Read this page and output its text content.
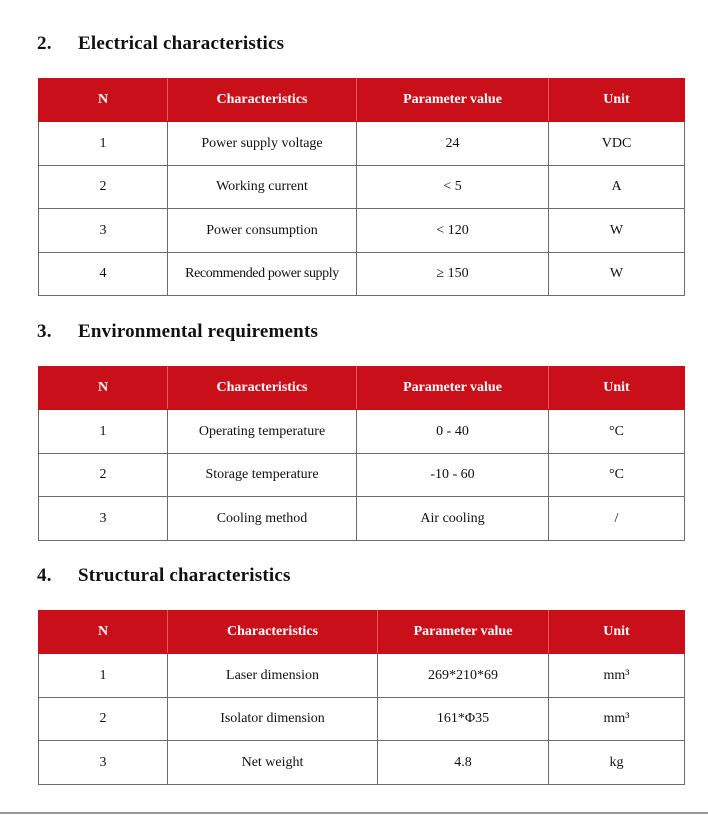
2. Electrical characteristics
N	Characteristics	Parameter value	Unit
1	Power supply voltage	24	VDC
2	Working current	< 5	A
3	Power consumption	< 120	W
4	Recommended power supply	≥ 150	W
3. Environmental requirements
N	Characteristics	Parameter value	Unit
1	Operating temperature	0 - 40	°C
2	Storage temperature	-10 - 60	°C
3	Cooling method	Air cooling	/
4. Structural characteristics
N	Characteristics	Parameter value	Unit
1	Laser dimension	269*210*69	mm³
2	Isolator dimension	161*Φ35	mm³
3	Net weight	4.8	kg
